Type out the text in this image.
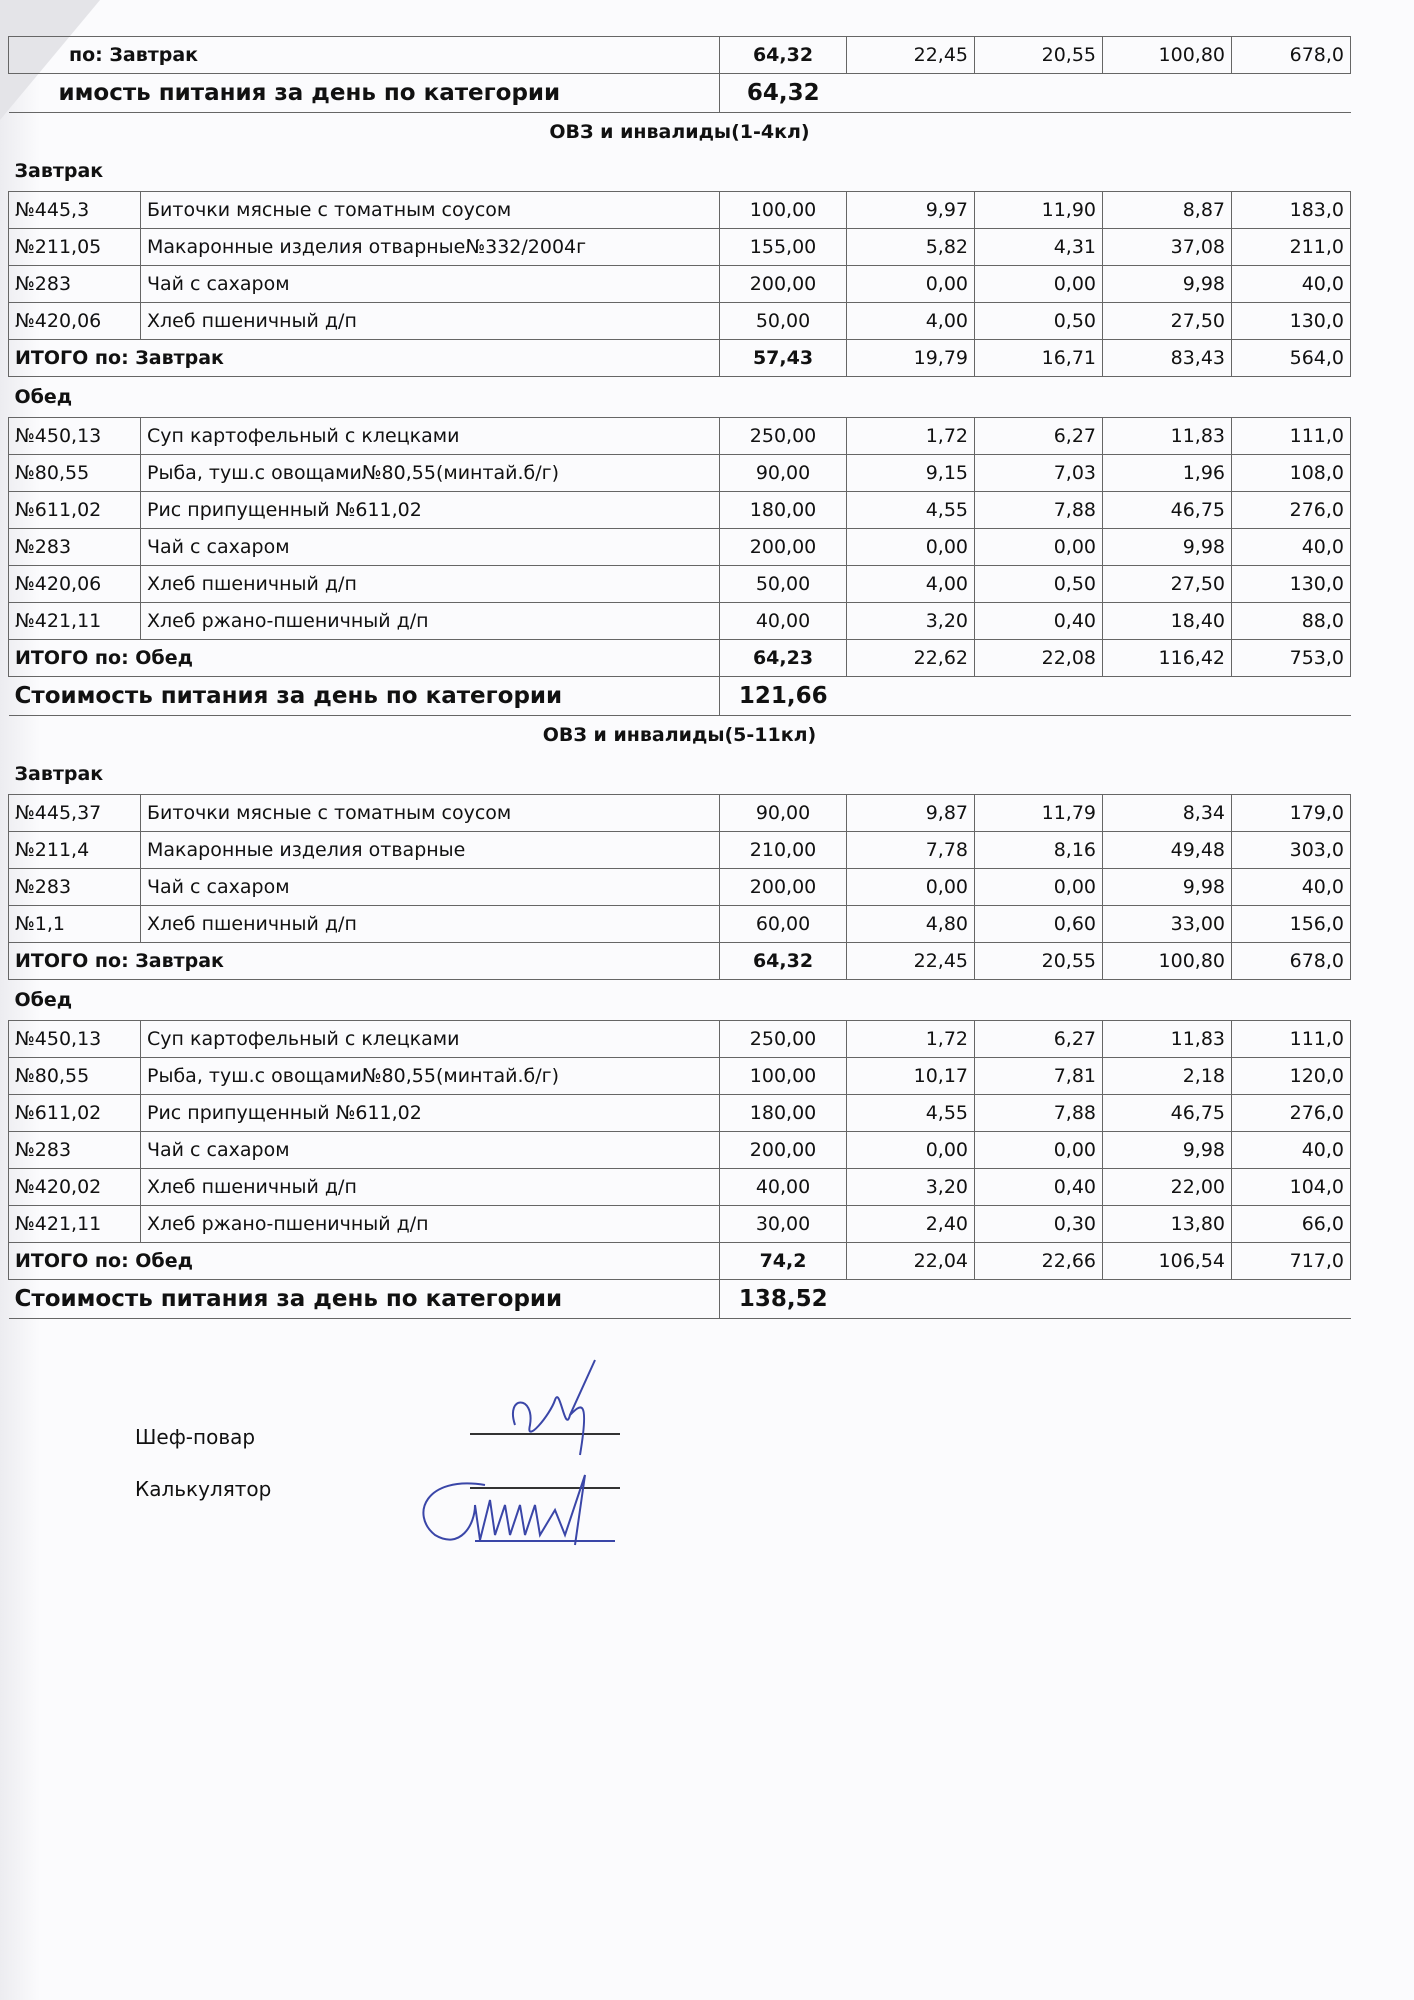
по: Завтрак		64,32	22,45	20,55	100,80	678,0
имость питания за день по категории		64,32				
ОВЗ и инвалиды(1-4кл)						
Завтрак						
№445,3	Биточки мясные с томатным соусом	100,00	9,97	11,90	8,87	183,0
№211,05	Макаронные изделия отварные№332/2004г	155,00	5,82	4,31	37,08	211,0
№283	Чай с сахаром	200,00	0,00	0,00	9,98	40,0
№420,06	Хлеб пшеничный д/п	50,00	4,00	0,50	27,50	130,0
ИТОГО по: Завтрак		57,43	19,79	16,71	83,43	564,0
Обед						
№450,13	Суп картофельный с клецками	250,00	1,72	6,27	11,83	111,0
№80,55	Рыба, туш.с овощами№80,55(минтай.б/г)	90,00	9,15	7,03	1,96	108,0
№611,02	Рис припущенный №611,02	180,00	4,55	7,88	46,75	276,0
№283	Чай с сахаром	200,00	0,00	0,00	9,98	40,0
№420,06	Хлеб пшеничный д/п	50,00	4,00	0,50	27,50	130,0
№421,11	Хлеб ржано-пшеничный д/п	40,00	3,20	0,40	18,40	88,0
ИТОГО по: Обед		64,23	22,62	22,08	116,42	753,0
Стоимость питания за день по категории		121,66				
ОВЗ и инвалиды(5-11кл)						
Завтрак						
№445,37	Биточки мясные с томатным соусом	90,00	9,87	11,79	8,34	179,0
№211,4	Макаронные изделия отварные	210,00	7,78	8,16	49,48	303,0
№283	Чай с сахаром	200,00	0,00	0,00	9,98	40,0
№1,1	Хлеб пшеничный д/п	60,00	4,80	0,60	33,00	156,0
ИТОГО по: Завтрак		64,32	22,45	20,55	100,80	678,0
Обед						
№450,13	Суп картофельный с клецками	250,00	1,72	6,27	11,83	111,0
№80,55	Рыба, туш.с овощами№80,55(минтай.б/г)	100,00	10,17	7,81	2,18	120,0
№611,02	Рис припущенный №611,02	180,00	4,55	7,88	46,75	276,0
№283	Чай с сахаром	200,00	0,00	0,00	9,98	40,0
№420,02	Хлеб пшеничный д/п	40,00	3,20	0,40	22,00	104,0
№421,11	Хлеб ржано-пшеничный д/п	30,00	2,40	0,30	13,80	66,0
ИТОГО по: Обед		74,2	22,04	22,66	106,54	717,0
Стоимость питания за день по категории		138,52				
Шеф-повар
Калькулятор
